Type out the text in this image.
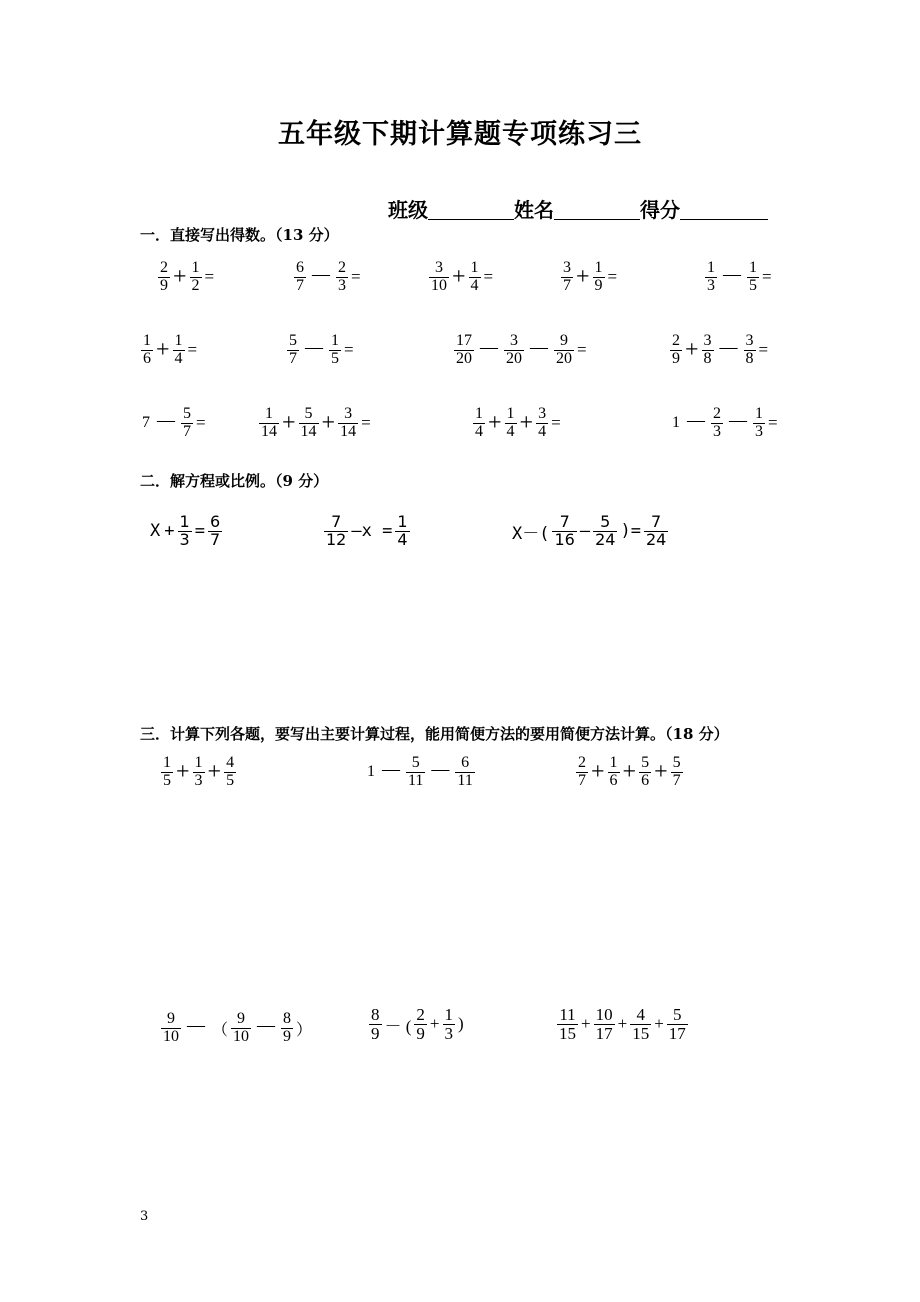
五年级下期计算题专项练习三
班级	姓名	得分
一．直接写出得数。（13 分）
二．解方程或比例。（9 分）
三．计算下列各题，要写出主要计算过程，能用简便方法的要用简便方法计算。（18 分）
$\frac{2}{9} + \frac{1}{2}$ =	$\frac{6}{7} - \frac{2}{3}$ =	$\frac{3}{10} + \frac{1}{4}$ =	$\frac{3}{7} + \frac{1}{9}$ =	$\frac{1}{3} - \frac{1}{5}$ =
$\frac{1}{6} + \frac{1}{4}$ =	$\frac{5}{7} - \frac{1}{5}$ =	$\frac{17}{20} - \frac{3}{20} - \frac{9}{20}$ =	$\frac{2}{9} + \frac{3}{8} - \frac{3}{8}$ =
$7 - \frac{5}{7}$ =	$\frac{1}{14} + \frac{5}{14} + \frac{3}{14}$ =	$\frac{1}{4} + \frac{1}{4} + \frac{3}{4}$ =	$1 - \frac{2}{3} - \frac{1}{3}$ =
$X + \frac{1}{3} = \frac{6}{7}$	$\frac{7}{12}$ —x = $\frac{1}{4}$	$X-( \frac{7}{16}$ — $\frac{5}{24}$ )= $\frac{7}{24}$
$\frac{1}{5} + \frac{1}{3} + \frac{4}{5}$	$1 - \frac{5}{11} - \frac{6}{11}$	$\frac{2}{7} + \frac{1}{6} + \frac{5}{6} + \frac{5}{7}$
$\frac{9}{10}$ － （ $\frac{9}{10} - \frac{8}{9}$ ）	$\frac{8}{9}$ － ( $\frac{2}{9} + \frac{1}{3}$ )	$\frac{11}{15} + \frac{10}{17} + \frac{4}{15} + \frac{5}{17}$
3
